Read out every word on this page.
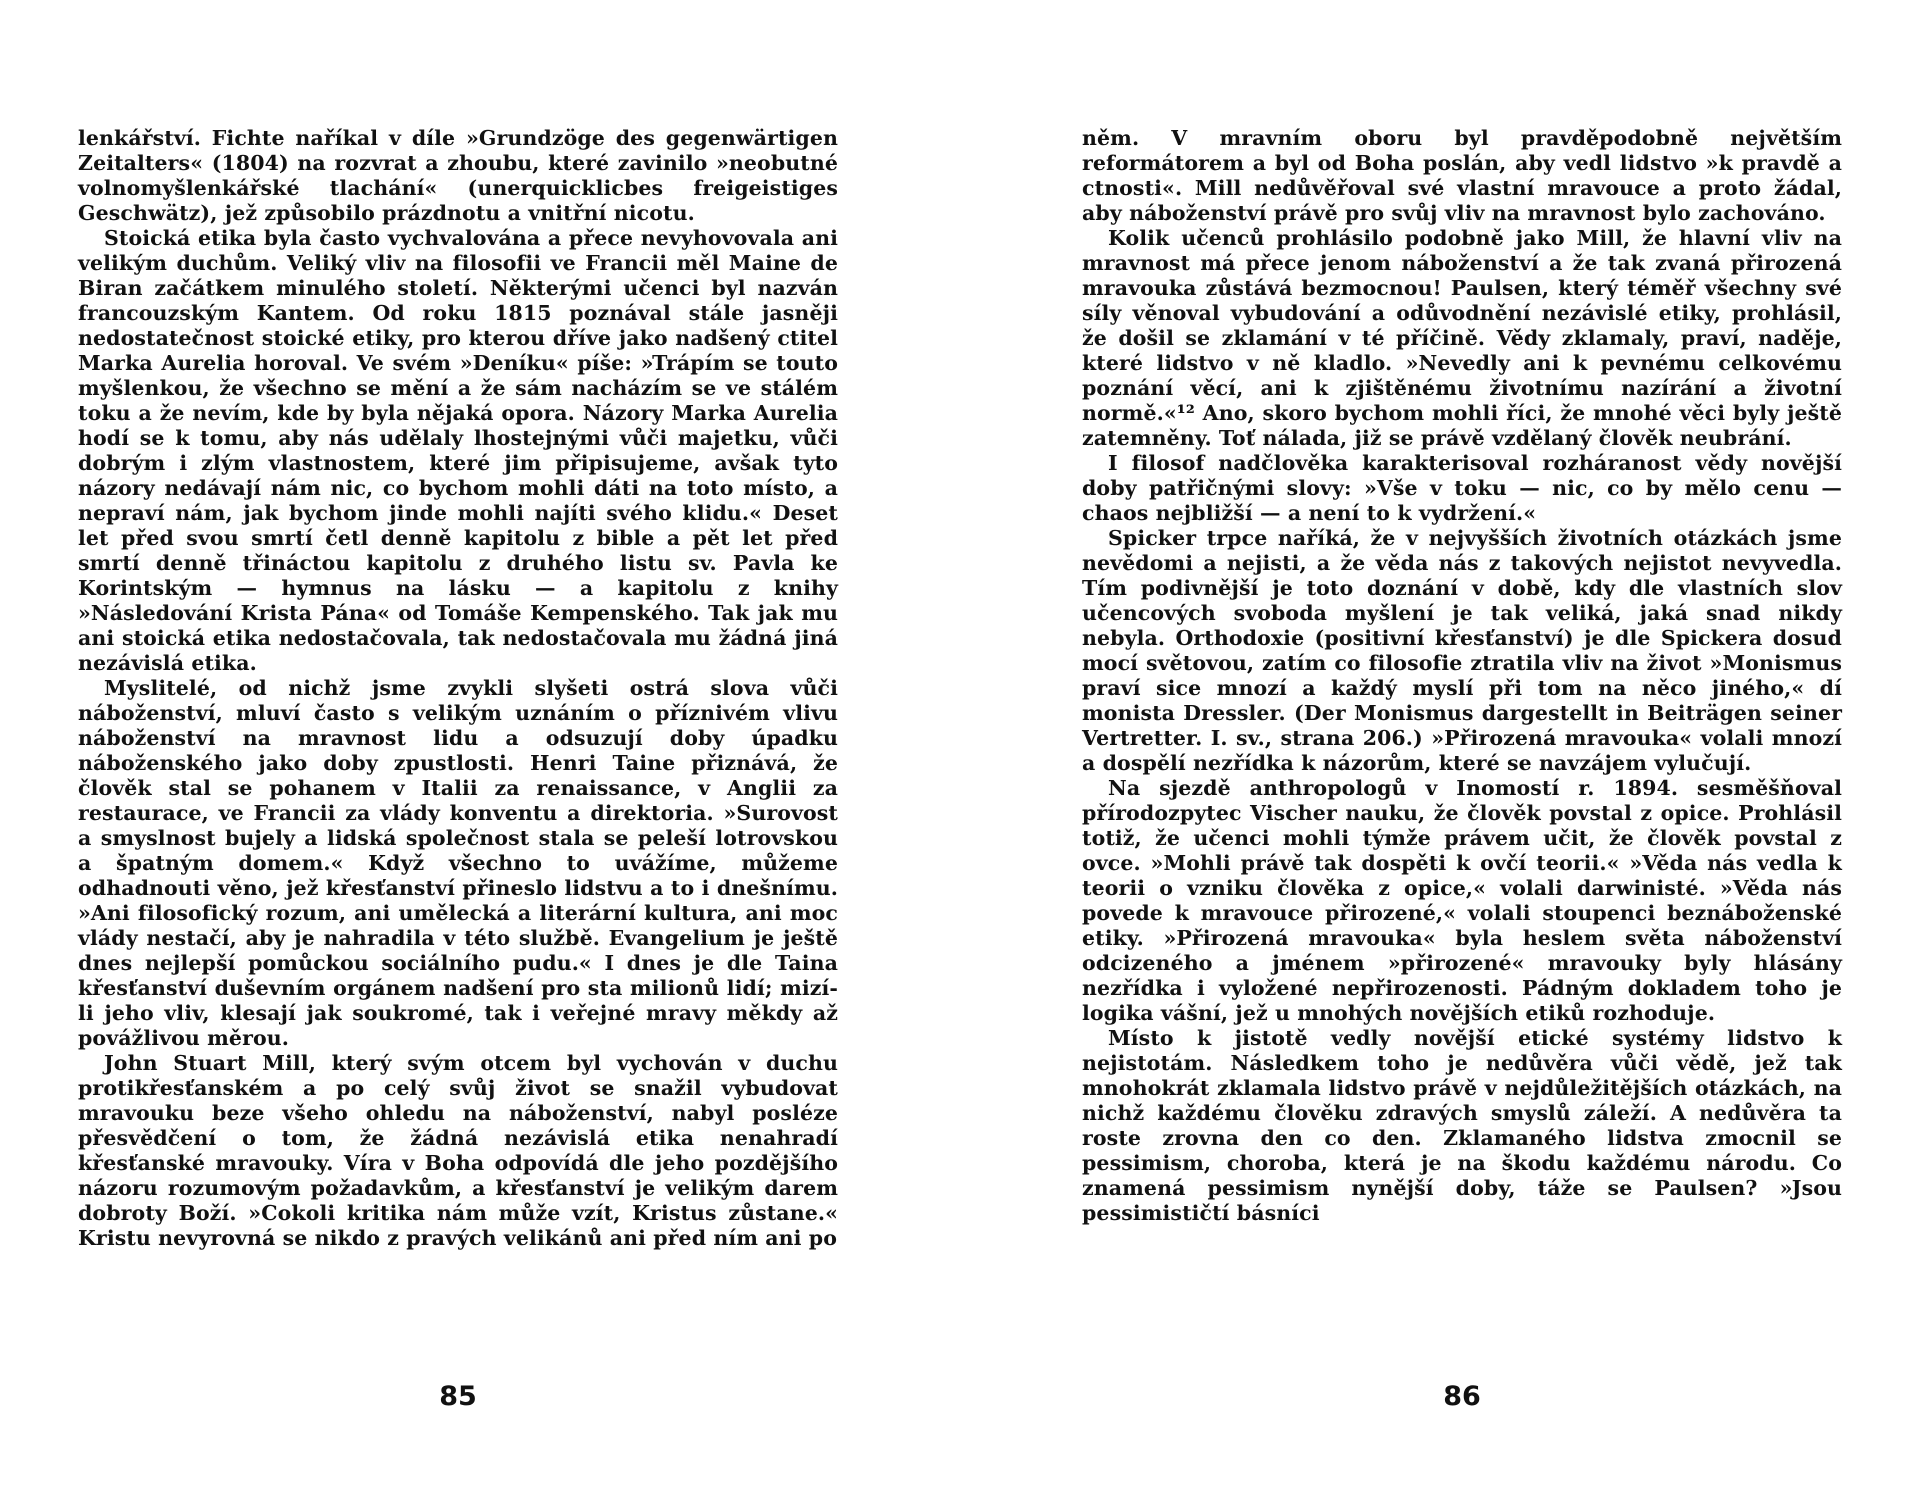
lenkářství. Fichte naříkal v díle »Grundzöge des gegenwärtigen Zeitalters« (1804) na rozvrat a zhoubu, které zavinilo »neobutné volnomyšlenkářské tlachání« (unerquicklicbes freigeistiges Geschwätz), jež způsobilo prázdnotu a vnitřní nicotu.

Stoická etika byla často vychvalována a přece nevyhovovala ani velikým duchům. Veliký vliv na filosofii ve Francii měl Maine de Biran začátkem minulého století. Některými učenci byl nazván francouzským Kantem. Od roku 1815 poznával stále jasněji nedostatečnost stoické etiky, pro kterou dříve jako nadšený ctitel Marka Aurelia horoval. Ve svém »Deníku« píše: »Trápím se touto myšlenkou, že všechno se mění a že sám nacházím se ve stálém toku a že nevím, kde by byla nějaká opora. Názory Marka Aurelia hodí se k tomu, aby nás udělaly lhostejnými vůči majetku, vůči dobrým i zlým vlastnostem, které jim připisujeme, avšak tyto názory nedávají nám nic, co bychom mohli dáti na toto místo, a nepraví nám, jak bychom jinde mohli najíti svého klidu.« Deset let před svou smrtí četl denně kapitolu z bible a pět let před smrtí denně třináctou kapitolu z druhého listu sv. Pavla ke Korintským — hymnus na lásku — a kapitolu z knihy »Následování Krista Pána« od Tomáše Kempenského. Tak jak mu ani stoická etika nedostačovala, tak nedostačovala mu žádná jiná nezávislá etika.

Myslitelé, od nichž jsme zvykli slyšeti ostrá slova vůči náboženství, mluví často s velikým uznáním o příznivém vlivu náboženství na mravnost lidu a odsuzují doby úpadku náboženského jako doby zpustlosti. Henri Taine přiznává, že člověk stal se pohanem v Italii za renaissance, v Anglii za restaurace, ve Francii za vlády konventu a direktoria. »Surovost a smyslnost bujely a lidská společnost stala se peleší lotrovskou a špatným domem.« Když všechno to uvážíme, můžeme odhadnouti věno, jež křesťanství přineslo lidstvu a to i dnešnímu. »Ani filosofický rozum, ani umělecká a literární kultura, ani moc vlády nestačí, aby je nahradila v této službě. Evangelium je ještě dnes nejlepší pomůckou sociálního pudu.« I dnes je dle Taina křesťanství duševním orgánem nadšení pro sta milionů lidí; mizí-li jeho vliv, klesají jak soukromé, tak i veřejné mravy měkdy až povážlivou měrou.

John Stuart Mill, který svým otcem byl vychován v duchu protikřesťanském a po celý svůj život se snažil vybudovat mravouku beze všeho ohledu na náboženství, nabyl posléze přesvědčení o tom, že žádná nezávislá etika nenahradí křesťanské mravouky. Víra v Boha odpovídá dle jeho pozdějšího názoru rozumovým požadavkům, a křesťanství je velikým darem dobroty Boží. »Cokoli kritika nám může vzít, Kristus zůstane.« Kristu nevyrovná se nikdo z pravých velikánů ani před ním ani po

85

něm. V mravním oboru byl pravděpodobně největším reformátorem a byl od Boha poslán, aby vedl lidstvo »k pravdě a ctnosti«. Mill nedůvěřoval své vlastní mravouce a proto žádal, aby náboženství právě pro svůj vliv na mravnost bylo zachováno.

Kolik učenců prohlásilo podobně jako Mill, že hlavní vliv na mravnost má přece jenom náboženství a že tak zvaná přirozená mravouka zůstává bezmocnou! Paulsen, který téměř všechny své síly věnoval vybudování a odůvodnění nezávislé etiky, prohlásil, že došil se zklamání v té příčině. Vědy zklamaly, praví, naděje, které lidstvo v ně kladlo. »Nevedly ani k pevnému celkovému poznání věcí, ani k zjištěnému životnímu nazírání a životní normě.«¹² Ano, skoro bychom mohli říci, že mnohé věci byly ještě zatemněny. Toť nálada, již se právě vzdělaný člověk neubrání.

I filosof nadčlověka karakterisoval rozháranost vědy novější doby patřičnými slovy: »Vše v toku — nic, co by mělo cenu — chaos nejbližší — a není to k vydržení.«

Spicker trpce naříká, že v nejvyšších životních otázkách jsme nevědomi a nejisti, a že věda nás z takových nejistot nevyvedla. Tím podivnější je toto doznání v době, kdy dle vlastních slov učencových svoboda myšlení je tak veliká, jaká snad nikdy nebyla. Orthodoxie (positivní křesťanství) je dle Spickera dosud mocí světovou, zatím co filosofie ztratila vliv na život »Monismus praví sice mnozí a každý myslí při tom na něco jiného,« dí monista Dressler. (Der Monismus dargestellt in Beiträgen seiner Vertretter. I. sv., strana 206.) »Přirozená mravouka« volali mnozí a dospělí nezřídka k názorům, které se navzájem vylučují.

Na sjezdě anthropologů v Inomostí r. 1894. sesměšňoval přírodozpytec Vischer nauku, že člověk povstal z opice. Prohlásil totiž, že učenci mohli týmže právem učit, že člověk povstal z ovce. »Mohli právě tak dospěti k ovčí teorii.« »Věda nás vedla k teorii o vzniku člověka z opice,« volali darwinisté. »Věda nás povede k mravouce přirozené,« volali stoupenci beznáboženské etiky. »Přirozená mravouka« byla heslem světa náboženství odcizeného a jménem »přirozené« mravouky byly hlásány nezřídka i vyložené nepřirozenosti. Pádným dokladem toho je logika vášní, jež u mnohých novějších etiků rozhoduje.

Místo k jistotě vedly novější etické systémy lidstvo k nejistotám. Následkem toho je nedůvěra vůči vědě, jež tak mnohokrát zklamala lidstvo právě v nejdůležitějších otázkách, na nichž každému člověku zdravých smyslů záleží. A nedůvěra ta roste zrovna den co den. Zklamaného lidstva zmocnil se pessimism, choroba, která je na škodu každému národu. Co znamená pessimism nynější doby, táže se Paulsen? »Jsou pessimističtí básníci

86
